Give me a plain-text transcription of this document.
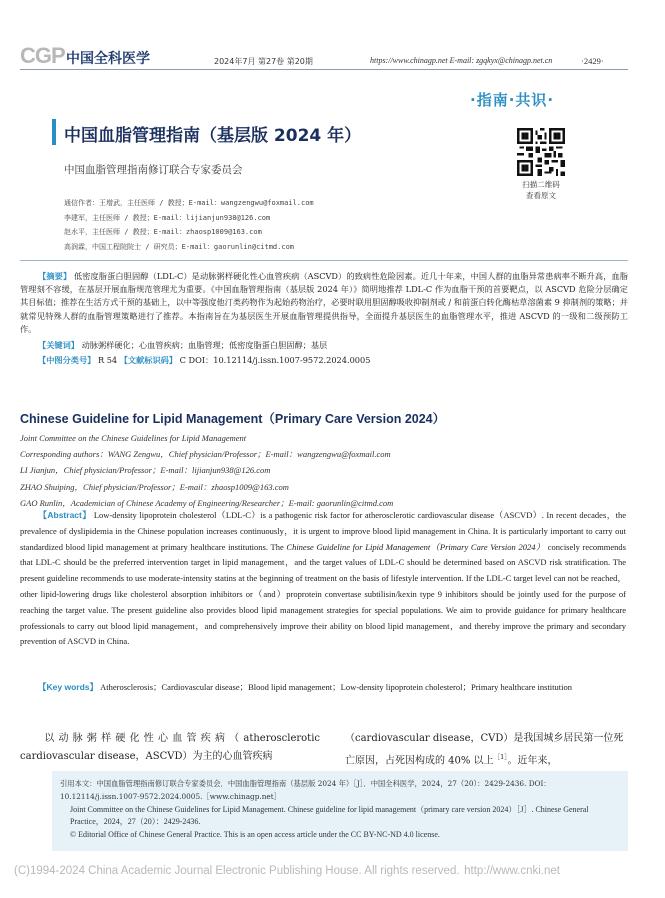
CGP 中国全科医学	2024年7月 第27卷 第20期	https://www.chinagp.net E-mail: zgqkyx@chinagp.net.cn	·2429·
·指南·共识·
中国血脂管理指南（基层版 2024 年）
中国血脂管理指南修订联合专家委员会
扫描二维码
查看原文
通信作者：王增武，主任医师 / 教授；E-mail：wangzengwu@foxmail.com
李建军，主任医师 / 教授；E-mail：lijianjun938@126.com
赵水平，主任医师 / 教授；E-mail：zhaosp1009@163.com
高润霖，中国工程院院士 / 研究员；E-mail：gaorunlin@citmd.com
【摘要】 低密度脂蛋白胆固醇（LDL-C）是动脉粥样硬化性心血管疾病（ASCVD）的致病性危险因素。近几十年来，中国人群的血脂异常患病率不断升高，血脂管理刻不容缓，在基层开展血脂规范管理尤为重要。《中国血脂管理指南（基层版 2024 年）》简明地推荐 LDL-C 作为血脂干预的首要靶点，以 ASCVD 危险分层确定其目标值；推荐在生活方式干预的基础上，以中等强度他汀类药物作为起始药物治疗，必要时联用胆固醇吸收抑制剂或 / 和前蛋白转化酶枯草溶菌素 9 抑制剂的策略；并就常见特殊人群的血脂管理策略进行了推荐。本指南旨在为基层医生开展血脂管理提供指导，全面提升基层医生的血脂管理水平，推进 ASCVD 的一级和二级预防工作。
【关键词】 动脉粥样硬化；心血管疾病；血脂管理；低密度脂蛋白胆固醇；基层
【中图分类号】 R 54 【文献标识码】 C DOI：10.12114/j.issn.1007-9572.2024.0005
Chinese Guideline for Lipid Management（Primary Care Version 2024）
Joint Committee on the Chinese Guidelines for Lipid Management
Corresponding authors：WANG Zengwu，Chief physician/Professor；E-mail：wangzengwu@foxmail.com
LI Jianjun，Chief physician/Professor；E-mail：lijianjun938@126.com
ZHAO Shuiping，Chief physician/Professor；E-mail：zhaosp1009@163.com
GAO Runlin，Academician of Chinese Academy of Engineering/Researcher；E-mail: gaorunlin@citmd.com
【Abstract】 Low-density lipoprotein cholesterol（LDL-C）is a pathogenic risk factor for atherosclerotic cardiovascular disease（ASCVD）. In recent decades，the prevalence of dyslipidemia in the Chinese population increases continuously，it is urgent to improve blood lipid management in China. It is particularly important to carry out standardized blood lipid management at primary healthcare institutions. The Chinese Guideline for Lipid Management（Primary Care Version 2024） concisely recommends that LDL-C should be the preferred intervention target in lipid management，and the target values of LDL-C should be determined based on ASCVD risk stratification. The present guideline recommends to use moderate-intensity statins at the beginning of treatment on the basis of lifestyle intervention. If the LDL-C target level can not be reached，other lipid-lowering drugs like cholesterol absorption inhibitors or（and）proprotein convertase subtilisin/kexin type 9 inhibitors should be jointly used for the purpose of reaching the target value. The present guideline also provides blood lipid management strategies for special populations. We aim to provide guidance for primary healthcare professionals to carry out blood lipid management，and comprehensively improve their ability on blood lipid management，and thereby improve the primary and secondary prevention of ASCVD in China.
【Key words】 Atherosclerosis；Cardiovascular disease；Blood lipid management；Low-density lipoprotein cholesterol；Primary healthcare institution
以动脉粥样硬化性心血管疾病（atherosclerotic cardiovascular disease，ASCVD）为主的心血管疾病
（cardiovascular disease，CVD）是我国城乡居民第一位死亡原因，占死因构成的 40% 以上$^{[1]}$。近年来，
引用本文：中国血脂管理指南修订联合专家委员会．中国血脂管理指南（基层版 2024 年）［J］．中国全科医学，2024，27（20）：2429-2436. DOI：10.12114/j.issn.1007-9572.2024.0005.［www.chinagp.net］
Joint Committee on the Chinese Guidelines for Lipid Management. Chinese guideline for lipid management（primary care version 2024）［J］. Chinese General Practice，2024，27（20）：2429-2436.
© Editorial Office of Chinese General Practice. This is an open access article under the CC BY-NC-ND 4.0 license.
(C)1994-2024 China Academic Journal Electronic Publishing House. All rights reserved. http://www.cnki.net
